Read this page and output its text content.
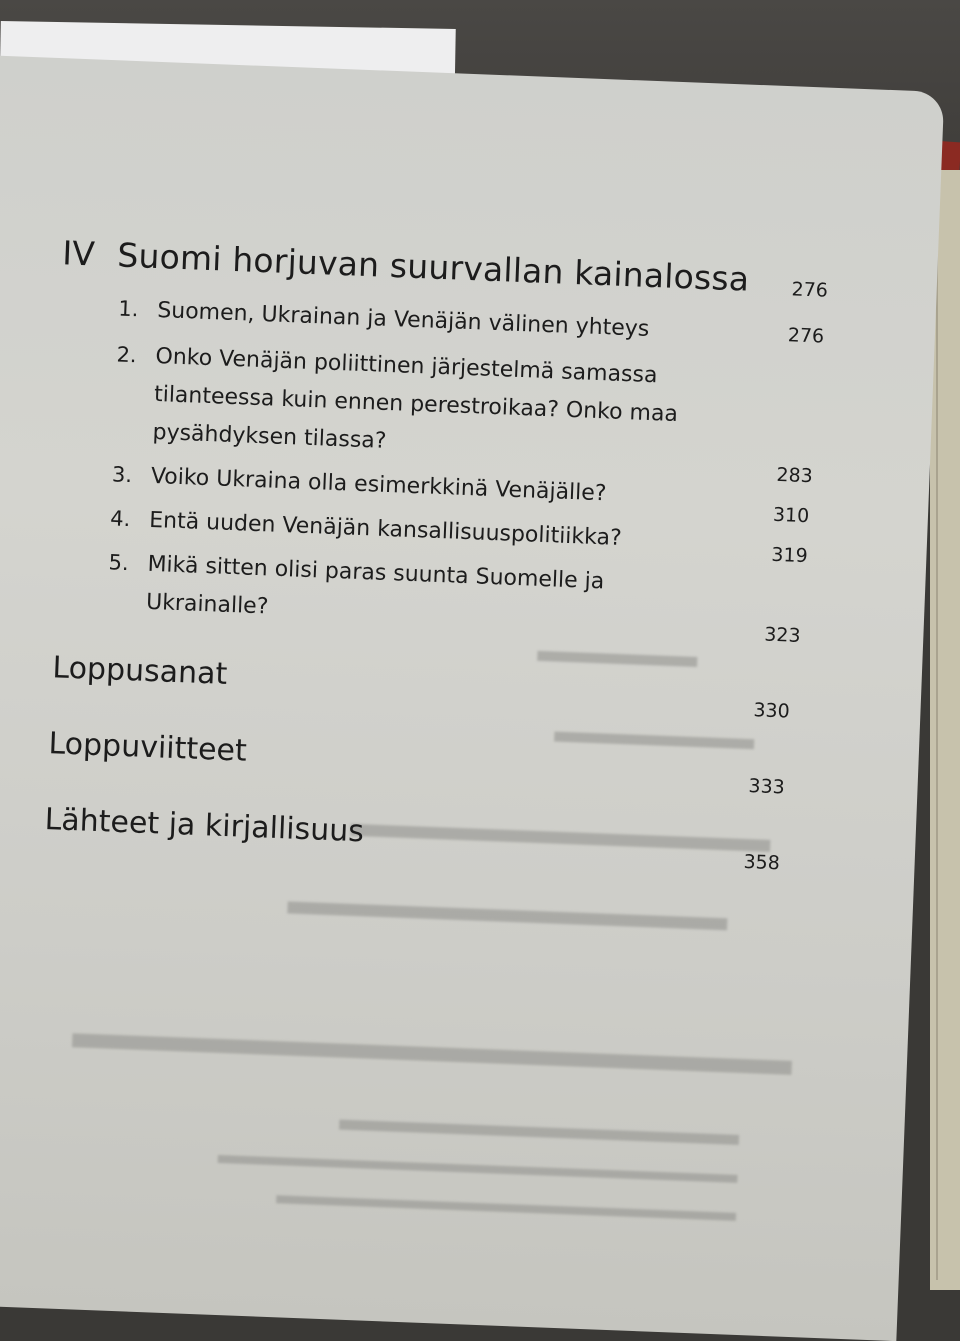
IV Suomi horjuvan suurvallan kainalossa 276
1. Suomen, Ukrainan ja Venäjän välinen yhteys	276
2. Onko Venäjän poliittinen järjestelmä samassa
tilanteessa kuin ennen perestroikaa? Onko maa
pysähdyksen tilassa?
283
3. Voiko Ukraina olla esimerkkinä Venäjälle?
310
4. Entä uuden Venäjän kansallisuuspolitiikka?
319
5. Mikä sitten olisi paras suunta Suomelle ja
Ukrainalle?
323
Loppusanat
330
Loppuviitteet
333
Lähteet ja kirjallisuus
358
